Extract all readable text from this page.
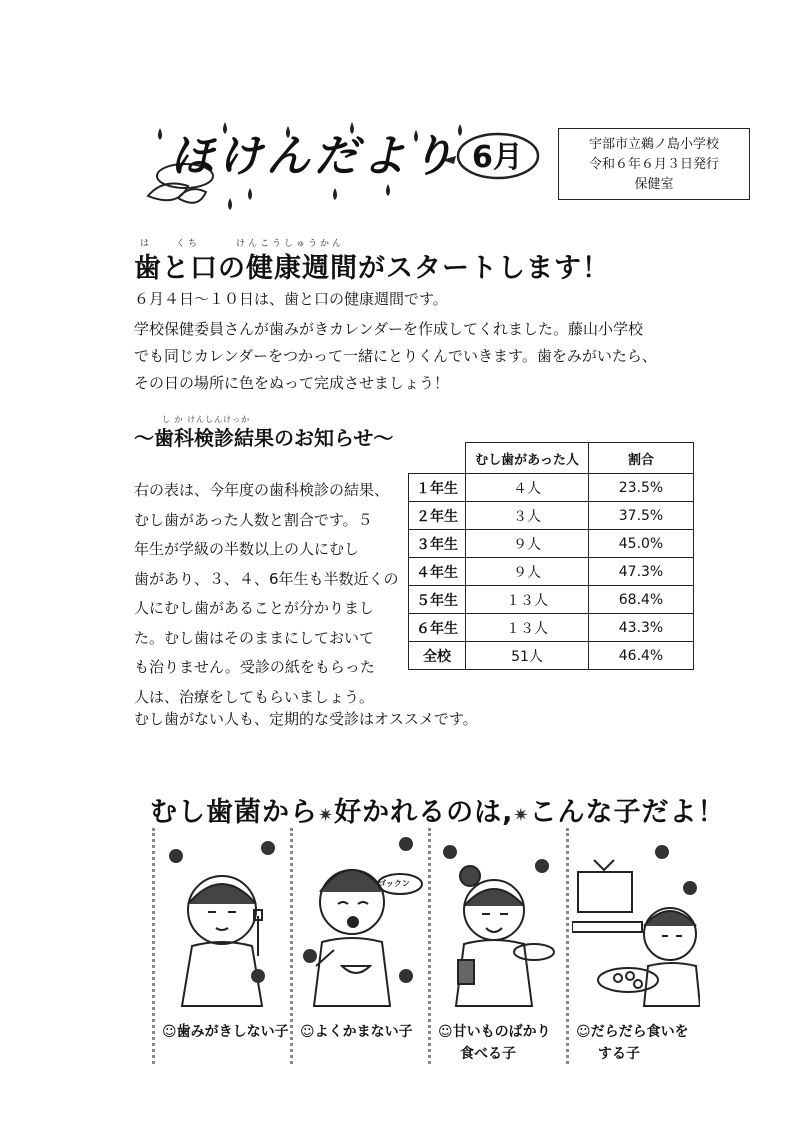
ほけんだより 6月	宇部市立鵜ノ島小学校
令和６年６月３日発行
保健室
は　　くち　　　けんこうしゅうかん
歯と口の健康週間がスタートします！
６月４日～１０日は、歯と口の健康週間です。
学校保健委員さんが歯みがきカレンダーを作成してくれました。藤山小学校
でも同じカレンダーをつかって一緒にとりくんでいきます。歯をみがいたら、
その日の場所に色をぬって完成させましょう！
し か けんしんけっか
～歯科検診結果のお知らせ～
右の表は、今年度の歯科検診の結果、
むし歯があった人数と割合です。５
年生が学級の半数以上の人にむし
歯があり、３、４、6年生も半数近くの
人にむし歯があることが分かりまし
た。むし歯はそのままにしておいて
も治りません。受診の紙をもらった
人は、治療をしてもらいましょう。
むし歯がない人も、定期的な受診はオススメです。
	むし歯があった人	割合
１年生	４人	23.5%
２年生	３人	37.5%
３年生	９人	45.0%
４年生	９人	47.3%
５年生	１３人	68.4%
６年生	１３人	43.3%
全校	51人	46.4%
むし歯菌から✷好かれるのは,✷こんな子だよ！
☺歯みがきしない子
ゴックン
☺よくかまない子 ☺甘いものばかり
食べる子
☺だらだら食いを
する子
